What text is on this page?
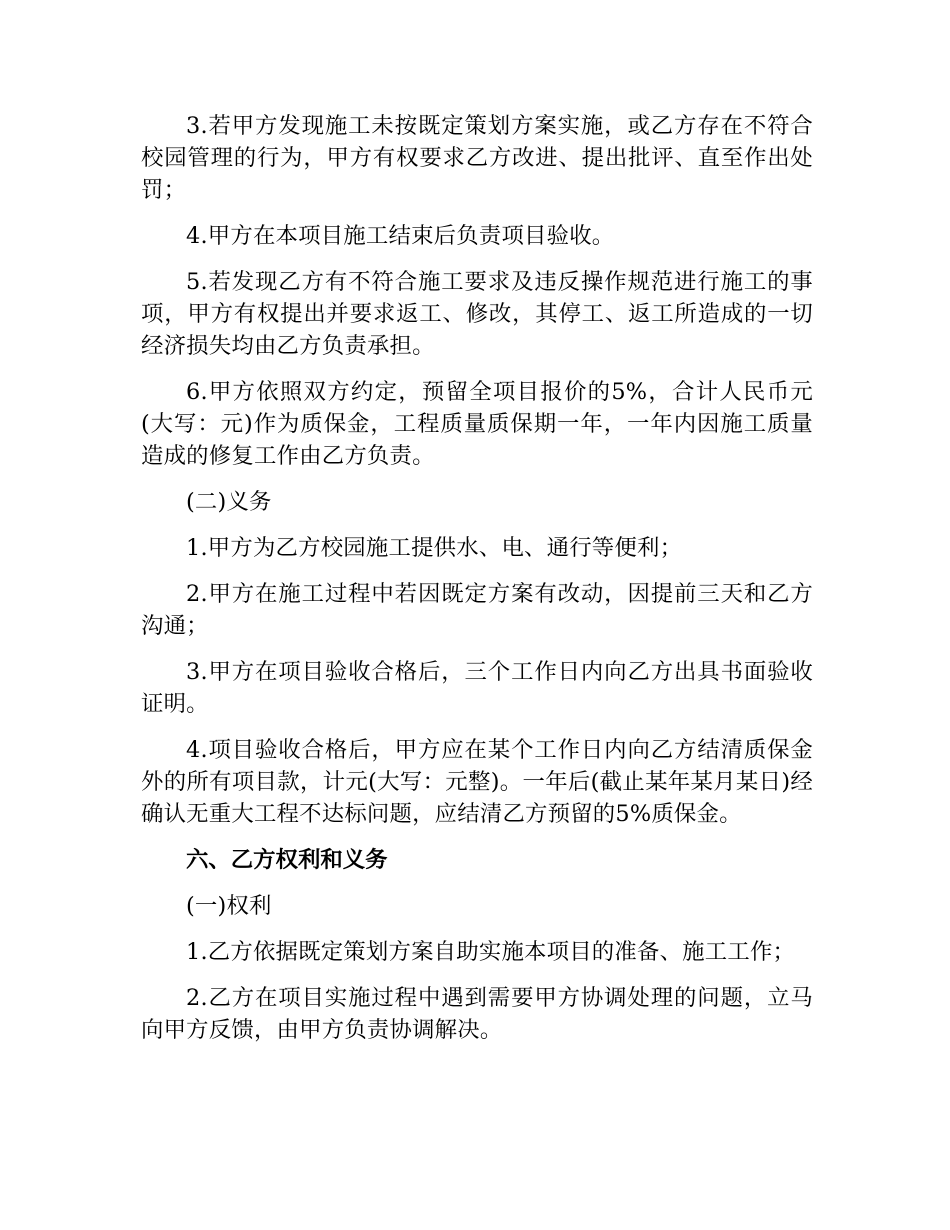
3.若甲方发现施工未按既定策划方案实施，或乙方存在不符合校园管理的行为，甲方有权要求乙方改进、提出批评、直至作出处罚；

4.甲方在本项目施工结束后负责项目验收。

5.若发现乙方有不符合施工要求及违反操作规范进行施工的事项，甲方有权提出并要求返工、修改，其停工、返工所造成的一切经济损失均由乙方负责承担。

6.甲方依照双方约定，预留全项目报价的5%，合计人民币元(大写：元)作为质保金，工程质量质保期一年，一年内因施工质量造成的修复工作由乙方负责。

(二)义务

1.甲方为乙方校园施工提供水、电、通行等便利；

2.甲方在施工过程中若因既定方案有改动，因提前三天和乙方沟通；

3.甲方在项目验收合格后，三个工作日内向乙方出具书面验收证明。

4.项目验收合格后，甲方应在某个工作日内向乙方结清质保金外的所有项目款，计元(大写：元整)。一年后(截止某年某月某日)经确认无重大工程不达标问题，应结清乙方预留的5%质保金。

六、乙方权利和义务

(一)权利

1.乙方依据既定策划方案自助实施本项目的准备、施工工作；

2.乙方在项目实施过程中遇到需要甲方协调处理的问题，立马向甲方反馈，由甲方负责协调解决。
